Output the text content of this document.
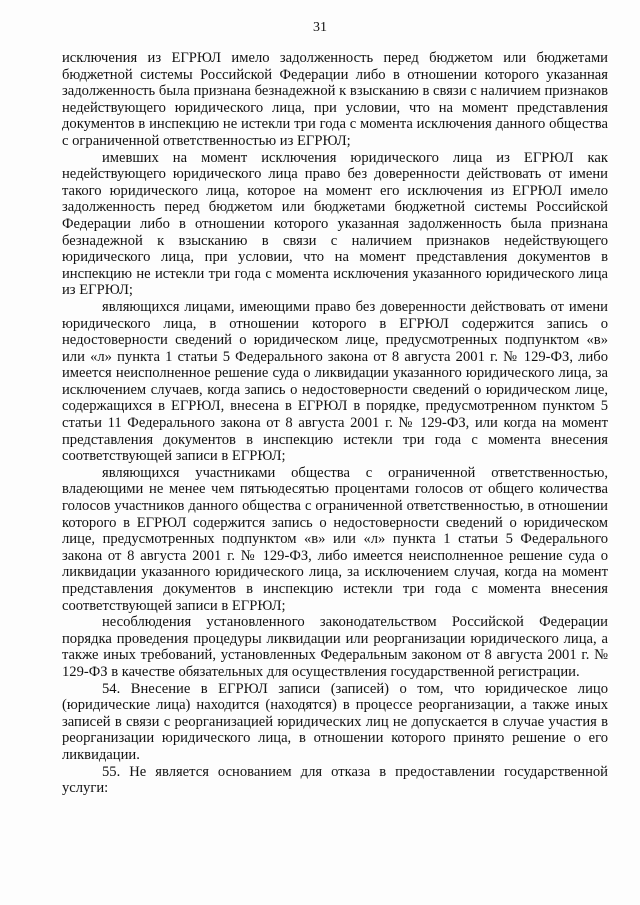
31

исключения из ЕГРЮЛ имело задолженность перед бюджетом или бюджетами бюджетной системы Российской Федерации либо в отношении которого указанная задолженность была признана безнадежной к взысканию в связи с наличием признаков недействующего юридического лица, при условии, что на момент представления документов в инспекцию не истекли три года с момента исключения данного общества с ограниченной ответственностью из ЕГРЮЛ;

имевших на момент исключения юридического лица из ЕГРЮЛ как недействующего юридического лица право без доверенности действовать от имени такого юридического лица, которое на момент его исключения из ЕГРЮЛ имело задолженность перед бюджетом или бюджетами бюджетной системы Российской Федерации либо в отношении которого указанная задолженность была признана безнадежной к взысканию в связи с наличием признаков недействующего юридического лица, при условии, что на момент представления документов в инспекцию не истекли три года с момента исключения указанного юридического лица из ЕГРЮЛ;

являющихся лицами, имеющими право без доверенности действовать от имени юридического лица, в отношении которого в ЕГРЮЛ содержится запись о недостоверности сведений о юридическом лице, предусмотренных подпунктом «в» или «л» пункта 1 статьи 5 Федерального закона от 8 августа 2001 г. № 129-ФЗ, либо имеется неисполненное решение суда о ликвидации указанного юридического лица, за исключением случаев, когда запись о недостоверности сведений о юридическом лице, содержащихся в ЕГРЮЛ, внесена в ЕГРЮЛ в порядке, предусмотренном пунктом 5 статьи 11 Федерального закона от 8 августа 2001 г. № 129-ФЗ, или когда на момент представления документов в инспекцию истекли три года с момента внесения соответствующей записи в ЕГРЮЛ;

являющихся участниками общества с ограниченной ответственностью, владеющими не менее чем пятьюдесятью процентами голосов от общего количества голосов участников данного общества с ограниченной ответственностью, в отношении которого в ЕГРЮЛ содержится запись о недостоверности сведений о юридическом лице, предусмотренных подпунктом «в» или «л» пункта 1 статьи 5 Федерального закона от 8 августа 2001 г. № 129-ФЗ, либо имеется неисполненное решение суда о ликвидации указанного юридического лица, за исключением случая, когда на момент представления документов в инспекцию истекли три года с момента внесения соответствующей записи в ЕГРЮЛ;

несоблюдения установленного законодательством Российской Федерации порядка проведения процедуры ликвидации или реорганизации юридического лица, а также иных требований, установленных Федеральным законом от 8 августа 2001 г. № 129-ФЗ в качестве обязательных для осуществления государственной регистрации.

54. Внесение в ЕГРЮЛ записи (записей) о том, что юридическое лицо (юридические лица) находится (находятся) в процессе реорганизации, а также иных записей в связи с реорганизацией юридических лиц не допускается в случае участия в реорганизации юридического лица, в отношении которого принято решение о его ликвидации.

55. Не является основанием для отказа в предоставлении государственной услуги:
